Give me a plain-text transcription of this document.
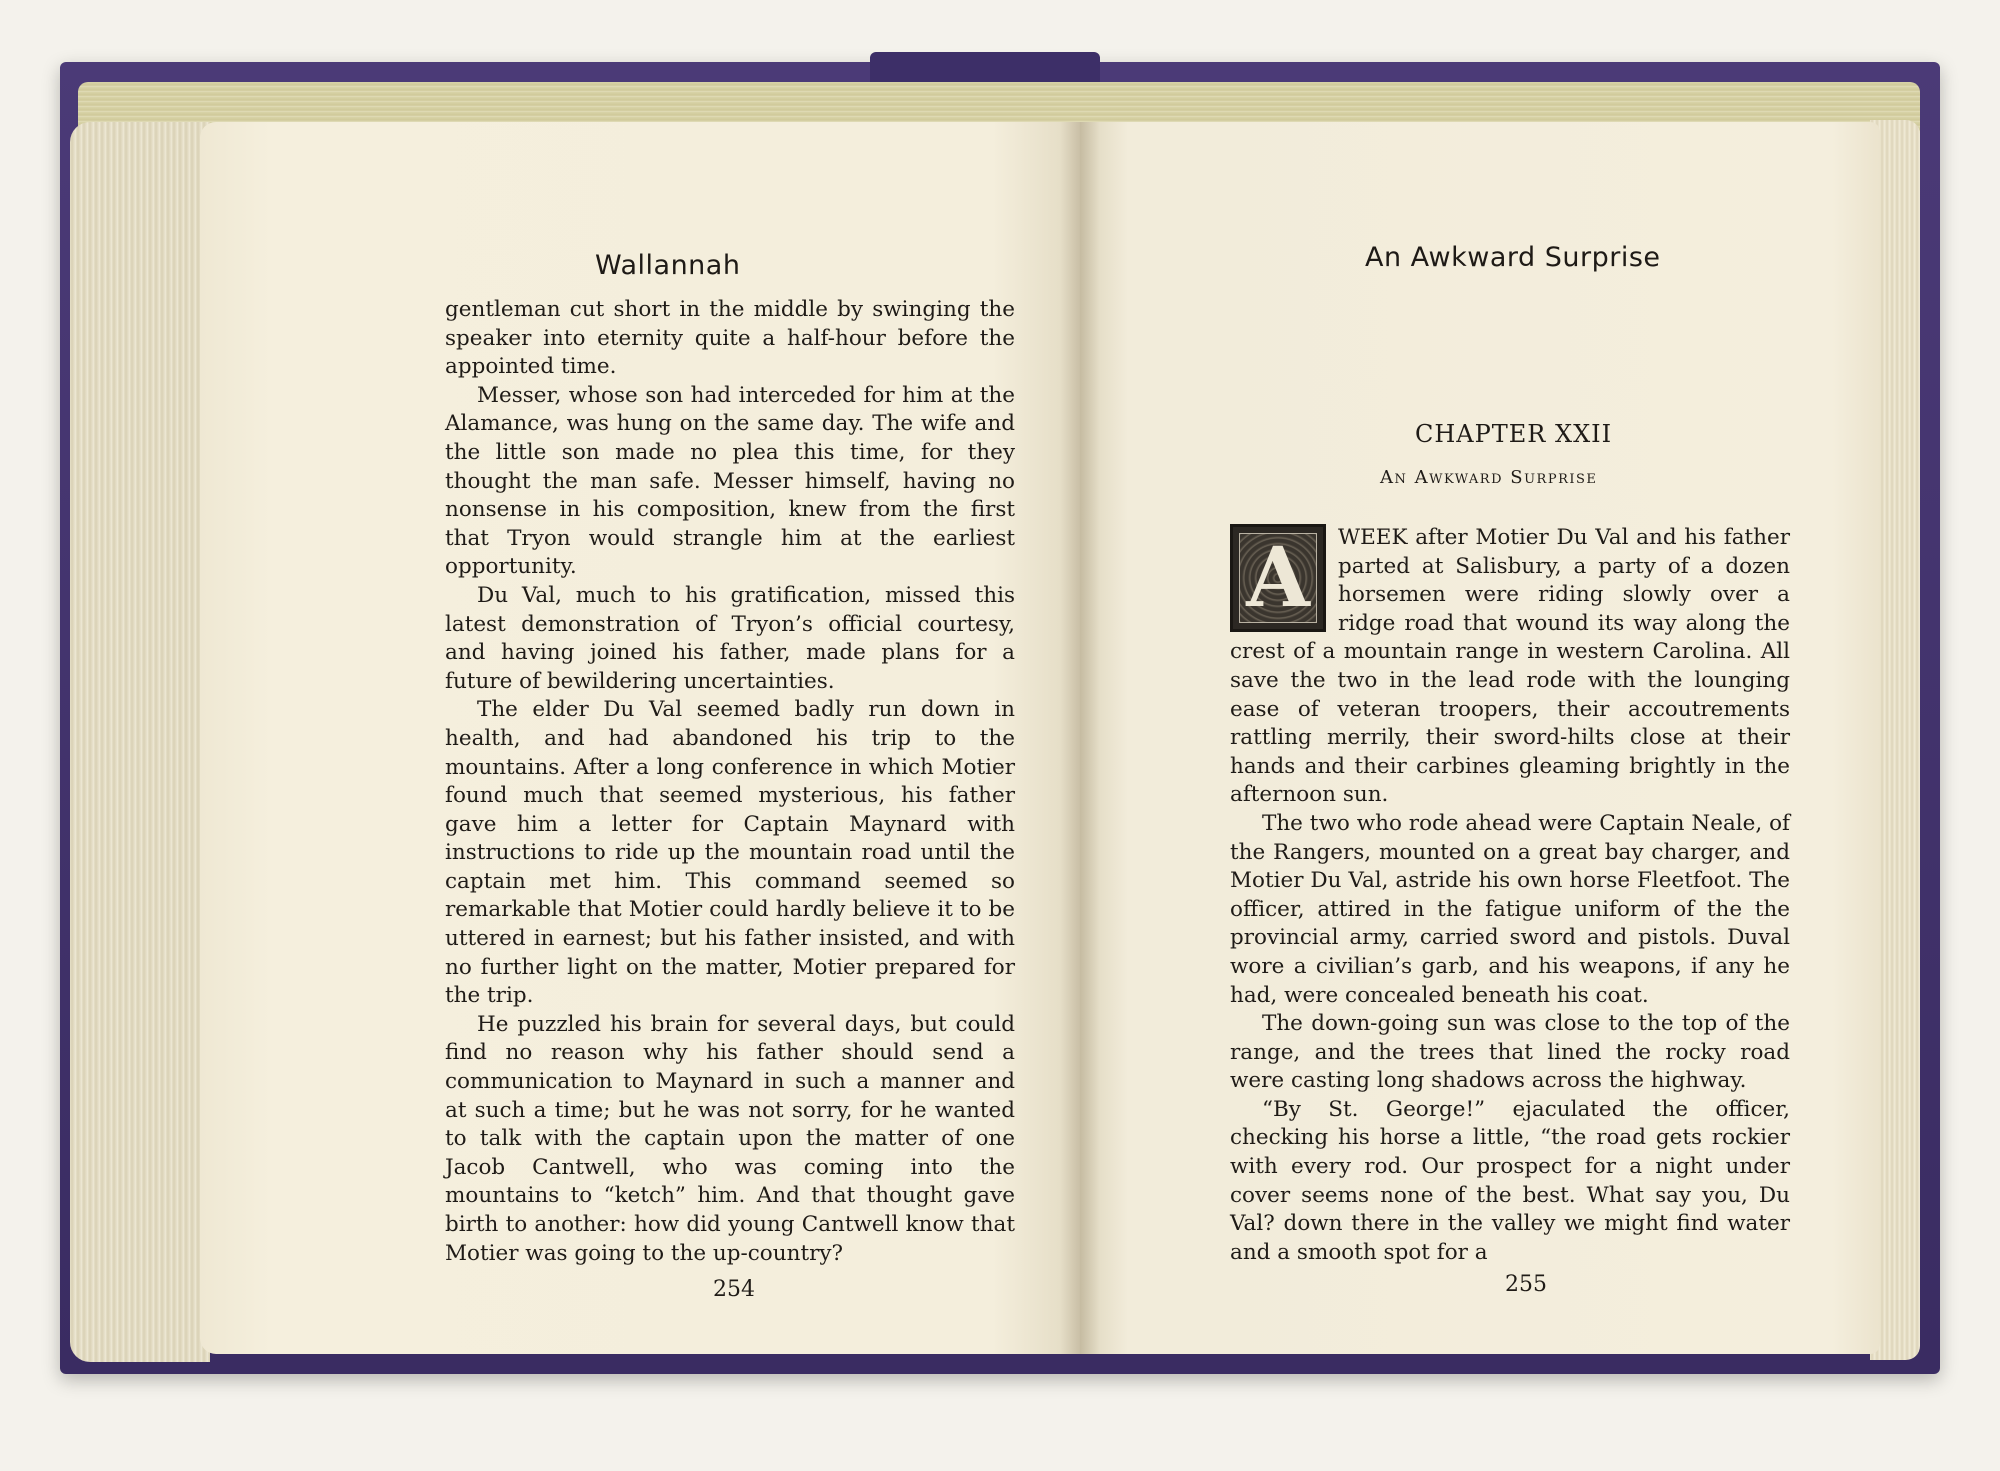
Wallannah

gentleman cut short in the middle by swinging the speaker into eternity quite a half-hour before the appointed time.

Messer, whose son had interceded for him at the Alamance, was hung on the same day. The wife and the little son made no plea this time, for they thought the man safe. Messer himself, having no nonsense in his composition, knew from the first that Tryon would strangle him at the earliest opportunity.

Du Val, much to his gratification, missed this latest demonstration of Tryon’s official courtesy, and having joined his father, made plans for a future of bewildering uncertainties.

The elder Du Val seemed badly run down in health, and had abandoned his trip to the mountains. After a long conference in which Motier found much that seemed mysterious, his father gave him a letter for Captain Maynard with instructions to ride up the mountain road until the captain met him. This command seemed so remarkable that Motier could hardly believe it to be uttered in earnest; but his father insisted, and with no further light on the matter, Motier prepared for the trip.

He puzzled his brain for several days, but could find no reason why his father should send a communication to Maynard in such a manner and at such a time; but he was not sorry, for he wanted to talk with the captain upon the matter of one Jacob Cantwell, who was coming into the mountains to “ketch” him. And that thought gave birth to another: how did young Cantwell know that Motier was going to the up-country?

254
An Awkward Surprise
CHAPTER XXII
An Awkward Surprise

A WEEK after Motier Du Val and his father parted at Salisbury, a party of a dozen horsemen were riding slowly over a ridge road that wound its way along the crest of a mountain range in western Carolina. All save the two in the lead rode with the lounging ease of veteran troopers, their accoutrements rattling merrily, their sword-hilts close at their hands and their carbines gleaming brightly in the afternoon sun.

The two who rode ahead were Captain Neale, of the Rangers, mounted on a great bay charger, and Motier Du Val, astride his own horse Fleetfoot. The officer, attired in the fatigue uniform of the the provincial army, carried sword and pistols. Duval wore a civilian’s garb, and his weapons, if any he had, were concealed beneath his coat.

The down-going sun was close to the top of the range, and the trees that lined the rocky road were casting long shadows across the highway.

“By St. George!” ejaculated the officer, checking his horse a little, “the road gets rockier with every rod. Our prospect for a night under cover seems none of the best. What say you, Du Val? down there in the valley we might find water and a smooth spot for a

255
